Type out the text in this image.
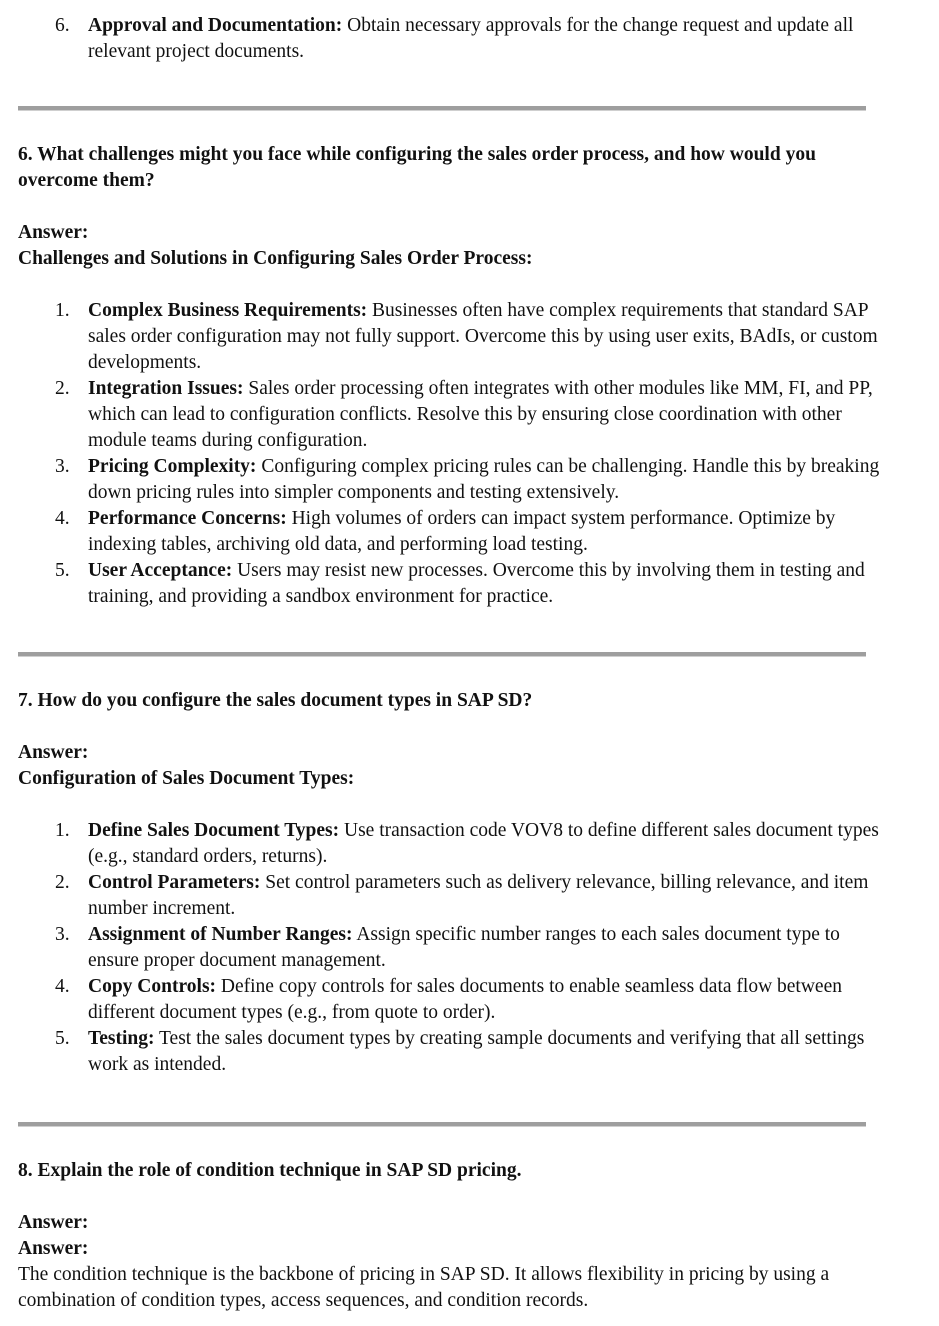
6. Approval and Documentation: Obtain necessary approvals for the change request and update all relevant project documents.
6. What challenges might you face while configuring the sales order process, and how would you overcome them?
Answer:
Challenges and Solutions in Configuring Sales Order Process:
1. Complex Business Requirements: Businesses often have complex requirements that standard SAP sales order configuration may not fully support. Overcome this by using user exits, BAdIs, or custom developments.
2. Integration Issues: Sales order processing often integrates with other modules like MM, FI, and PP, which can lead to configuration conflicts. Resolve this by ensuring close coordination with other module teams during configuration.
3. Pricing Complexity: Configuring complex pricing rules can be challenging. Handle this by breaking down pricing rules into simpler components and testing extensively.
4. Performance Concerns: High volumes of orders can impact system performance. Optimize by indexing tables, archiving old data, and performing load testing.
5. User Acceptance: Users may resist new processes. Overcome this by involving them in testing and training, and providing a sandbox environment for practice.
7. How do you configure the sales document types in SAP SD?
Answer:
Configuration of Sales Document Types:
1. Define Sales Document Types: Use transaction code VOV8 to define different sales document types (e.g., standard orders, returns).
2. Control Parameters: Set control parameters such as delivery relevance, billing relevance, and item number increment.
3. Assignment of Number Ranges: Assign specific number ranges to each sales document type to ensure proper document management.
4. Copy Controls: Define copy controls for sales documents to enable seamless data flow between different document types (e.g., from quote to order).
5. Testing: Test the sales document types by creating sample documents and verifying that all settings work as intended.
8. Explain the role of condition technique in SAP SD pricing.
Answer:
Answer:

The condition technique is the backbone of pricing in SAP SD. It allows flexibility in pricing by using a combination of condition types, access sequences, and condition records.
